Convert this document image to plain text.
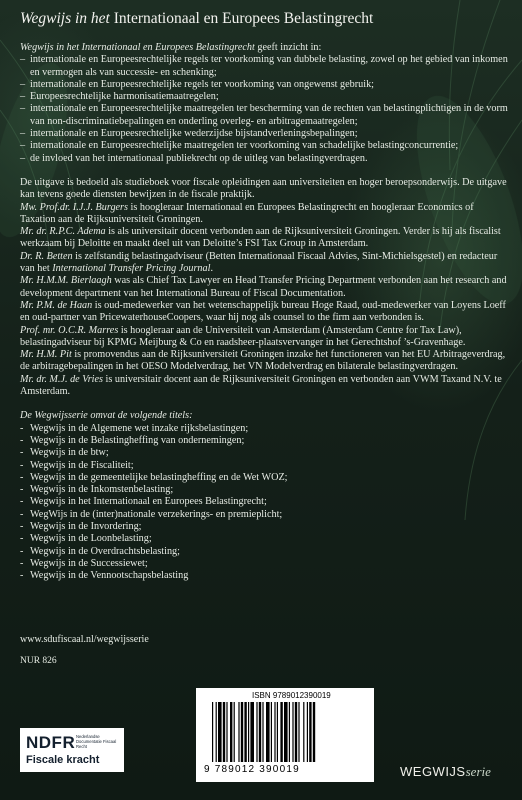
Wegwijs in het Internationaal en Europees Belastingrecht

Wegwijs in het Internationaal en Europees Belastingrecht geeft inzicht in:

– internationale en Europeesrechtelijke regels ter voorkoming van dubbele belasting, zowel op het gebied van inkomen en vermogen als van successie- en schenking;
– internationale en Europeesrechtelijke regels ter voorkoming van ongewenst gebruik;
– Europeesrechtelijke harmonisatiemaatregelen;
– internationale en Europeesrechtelijke maatregelen ter bescherming van de rechten van belastingplichtigen in de vorm van non-discriminatiebepalingen en onderling overleg- en arbitragemaatregelen;
– internationale en Europeesrechtelijke wederzijdse bijstandverleningsbepalingen;
– internationale en Europeesrechtelijke maatregelen ter voorkoming van schadelijke belastingconcurrentie;
– de invloed van het internationaal publiekrecht op de uitleg van belastingverdragen.

De uitgave is bedoeld als studieboek voor fiscale opleidingen aan universiteiten en hoger beroepsonderwijs. De uitgave kan tevens goede diensten bewijzen in de fiscale praktijk.

Mw. Prof.dr. I.J.J. Burgers is hoogleraar Internationaal en Europees Belastingrecht en hoogleraar Economics of Taxation aan de Rijksuniversiteit Groningen.

Mr. dr. R.P.C. Adema is als universitair docent verbonden aan de Rijksuniversiteit Groningen. Verder is hij als fiscalist werkzaam bij Deloitte en maakt deel uit van Deloitte’s FSI Tax Group in Amsterdam.

Dr. R. Betten is zelfstandig belastingadviseur (Betten Internationaal Fiscaal Advies, Sint-Michielsgestel) en redacteur van het International Transfer Pricing Journal.

Mr. H.M.M. Bierlaagh was als Chief Tax Lawyer en Head Transfer Pricing Department verbonden aan het research and development department van het International Bureau of Fiscal Documentation.

Mr. P.M. de Haan is oud-medewerker van het wetenschappelijk bureau Hoge Raad, oud-medewerker van Loyens Loeff en oud-partner van PricewaterhouseCoopers, waar hij nog als counsel to the firm aan verbonden is.

Prof. mr. O.C.R. Marres is hoogleraar aan de Universiteit van Amsterdam (Amsterdam Centre for Tax Law), belastingadviseur bij KPMG Meijburg & Co en raadsheer-plaatsvervanger in het Gerechtshof ’s-Gravenhage.

Mr. H.M. Pit is promovendus aan de Rijksuniversiteit Groningen inzake het functioneren van het EU Arbitrageverdrag, de arbitragebepalingen in het OESO Modelverdrag, het VN Modelverdrag en bilaterale belastingverdragen.

Mr. dr. M.J. de Vries is universitair docent aan de Rijksuniversiteit Groningen en verbonden aan VWM Taxand N.V. te Amsterdam.

De Wegwijsserie omvat de volgende titels:

- Wegwijs in de Algemene wet inzake rijksbelastingen;
- Wegwijs in de Belastingheffing van ondernemingen;
- Wegwijs in de btw;
- Wegwijs in de Fiscaliteit;
- Wegwijs in de gemeentelijke belastingheffing en de Wet WOZ;
- Wegwijs in de Inkomstenbelasting;
- Wegwijs in het Internationaal en Europees Belastingrecht;
- WegWijs in de (inter)nationale verzekerings- en premieplicht;
- Wegwijs in de Invordering;
- Wegwijs in de Loonbelasting;
- Wegwijs in de Overdrachtsbelasting;
- Wegwijs in de Successiewet;
- Wegwijs in de Vennootschapsbelasting
www.sdufiscaal.nl/wegwijsserie
NUR 826
NDFR Nederlandse Documentatie Fiscaal Recht
Fiscale kracht
ISBN 9789012390019
9 789012 390019	WEGWIJSserie
